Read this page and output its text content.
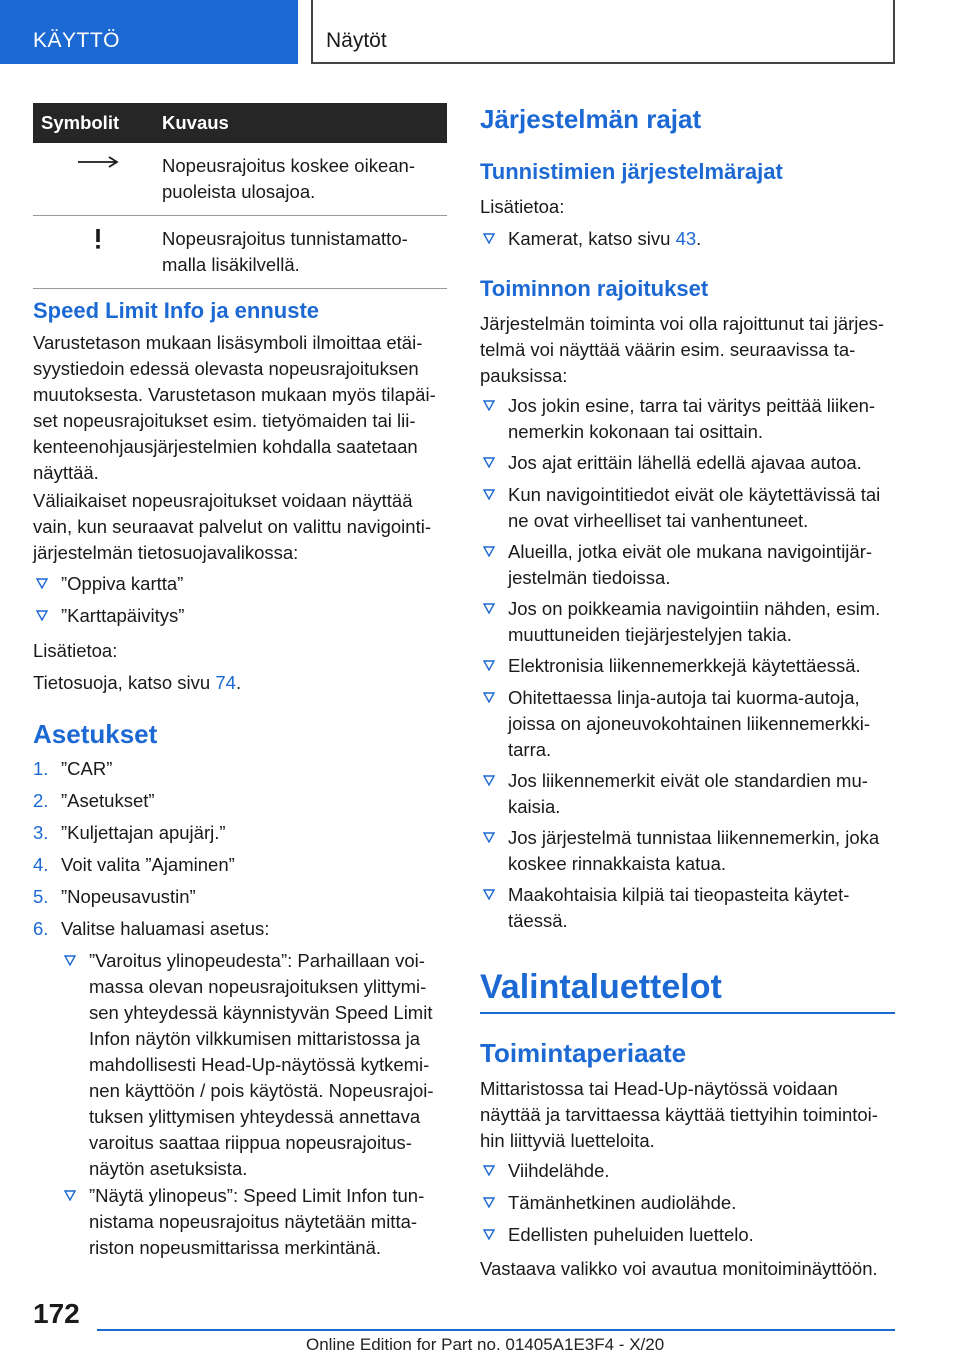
KÄYTTÖ	Näytöt
Symbolit	Kuvaus
Nopeusrajoitus koskee oikean-
puoleista ulosajoa.
Nopeusrajoitus tunnistamatto-
malla lisäkilvellä.
Speed Limit Info ja ennuste
Varustetason mukaan lisäsymboli ilmoittaa etäi-
syystiedoin edessä olevasta nopeusrajoituksen
muutoksesta. Varustetason mukaan myös tilapäi-
set nopeusrajoitukset esim. tietyömaiden tai lii-
kenteenohjausjärjestelmien kohdalla saatetaan
näyttää.
Väliaikaiset nopeusrajoitukset voidaan näyttää
vain, kun seuraavat palvelut on valittu navigointi-
järjestelmän tietosuojavalikossa:
”Oppiva kartta”
”Karttapäivitys”
Lisätietoa:
Tietosuoja, katso sivu 74.
Asetukset
1. ”CAR”
2. ”Asetukset”
3. ”Kuljettajan apujärj.”
4. Voit valita ”Ajaminen”
5. ”Nopeusavustin”
6. Valitse haluamasi asetus:
”Varoitus ylinopeudesta”: Parhaillaan voi-
massa olevan nopeusrajoituksen ylittymi-
sen yhteydessä käynnistyvän Speed Limit
Infon näytön vilkkumisen mittaristossa ja
mahdollisesti Head-Up-näytössä kytkemi-
nen käyttöön / pois käytöstä. Nopeusrajoi-
tuksen ylittymisen yhteydessä annettava
varoitus saattaa riippua nopeusrajoitus-
näytön asetuksista.
”Näytä ylinopeus”: Speed Limit Infon tun-
nistama nopeusrajoitus näytetään mitta-
riston nopeusmittarissa merkintänä.
Järjestelmän rajat
Tunnistimien järjestelmärajat
Lisätietoa:
Kamerat, katso sivu 43.
Toiminnon rajoitukset
Järjestelmän toiminta voi olla rajoittunut tai järjes-
telmä voi näyttää väärin esim. seuraavissa ta-
pauksissa:
Jos jokin esine, tarra tai väritys peittää liiken-
nemerkin kokonaan tai osittain.
Jos ajat erittäin lähellä edellä ajavaa autoa.
Kun navigointitiedot eivät ole käytettävissä tai
ne ovat virheelliset tai vanhentuneet.
Alueilla, jotka eivät ole mukana navigointijär-
jestelmän tiedoissa.
Jos on poikkeamia navigointiin nähden, esim.
muuttuneiden tiejärjestelyjen takia.
Elektronisia liikennemerkkejä käytettäessä.
Ohitettaessa linja-autoja tai kuorma-autoja,
joissa on ajoneuvokohtainen liikennemerkki-
tarra.
Jos liikennemerkit eivät ole standardien mu-
kaisia.
Jos järjestelmä tunnistaa liikennemerkin, joka
koskee rinnakkaista katua.
Maakohtaisia kilpiä tai tieopasteita käytet-
täessä.
Valintaluettelot
Toimintaperiaate
Mittaristossa tai Head-Up-näytössä voidaan
näyttää ja tarvittaessa käyttää tiettyihin toimintoi-
hin liittyviä luetteloita.
Viihdelähde.
Tämänhetkinen audiolähde.
Edellisten puheluiden luettelo.
Vastaava valikko voi avautua monitoiminäyttöön.
172
Online Edition for Part no. 01405A1E3F4 - X/20
